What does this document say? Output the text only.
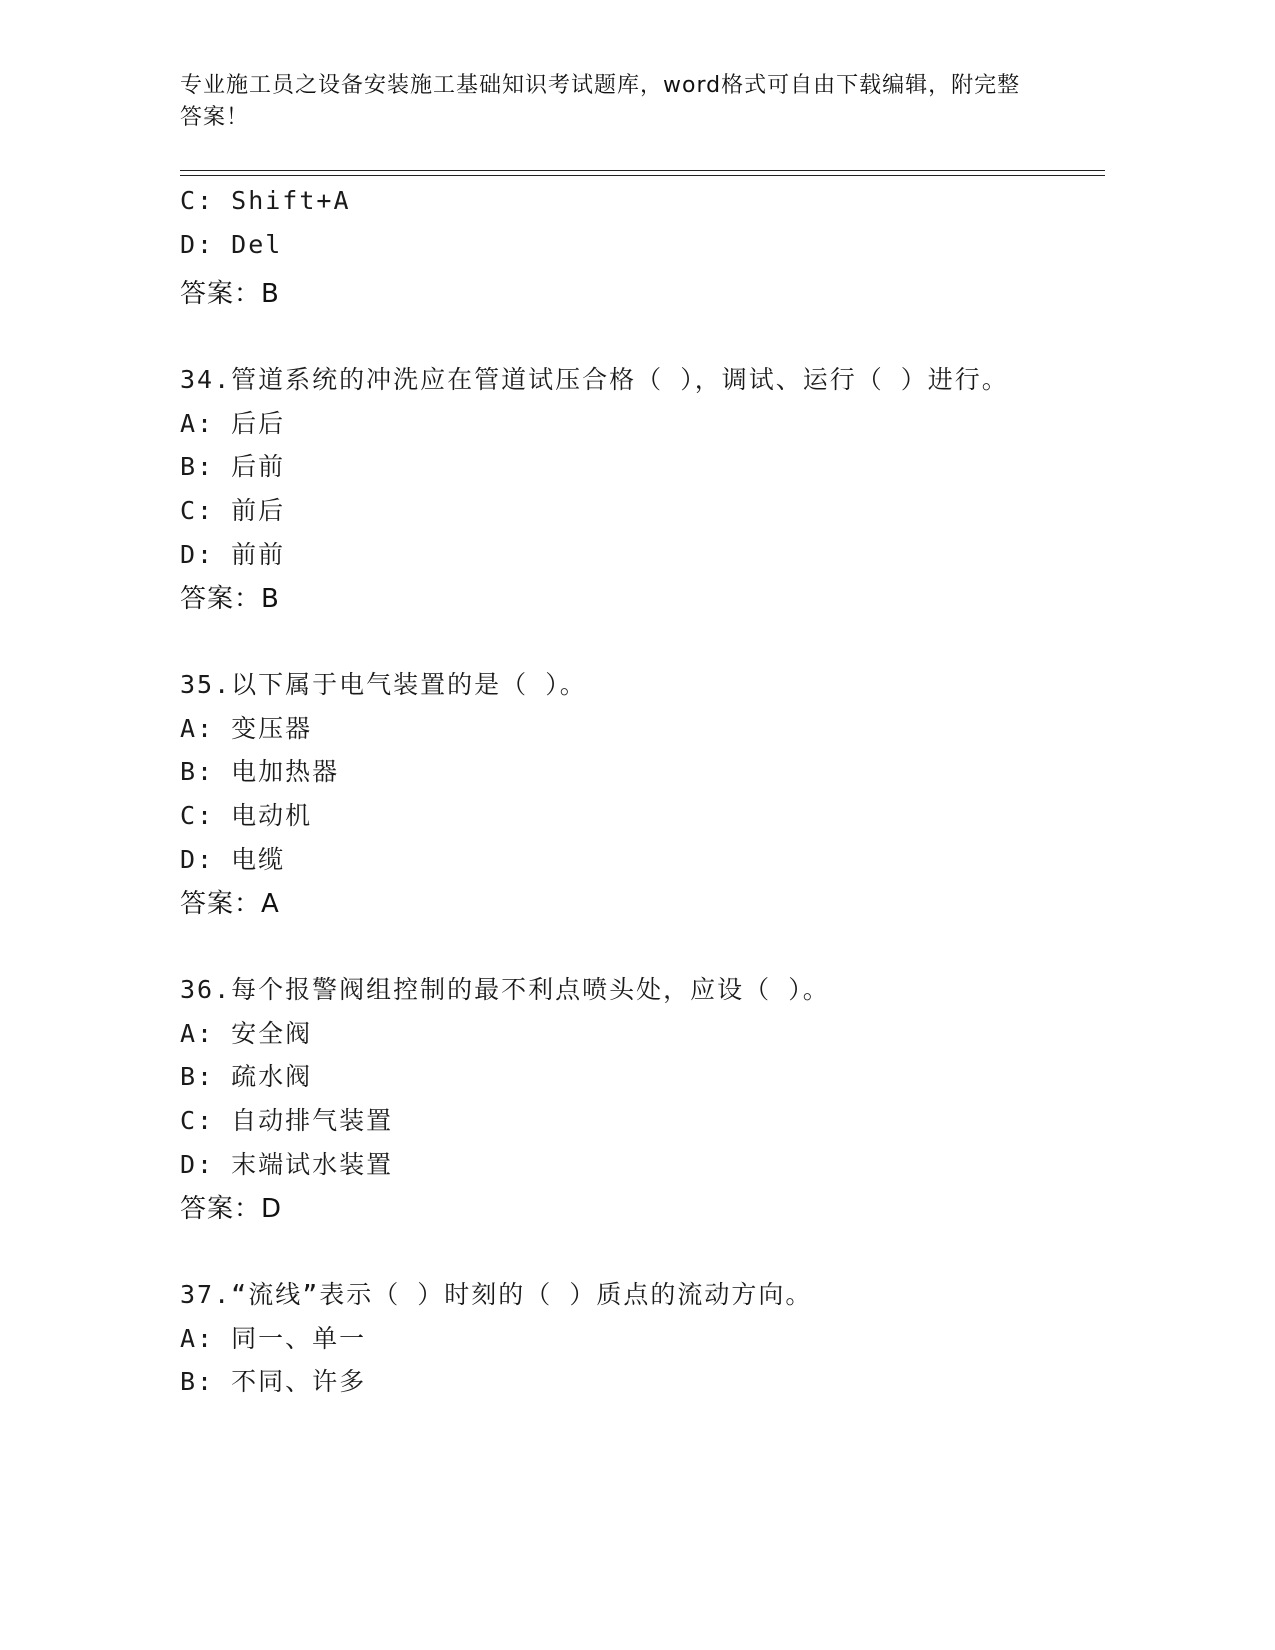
专业施工员之设备安装施工基础知识考试题库，word格式可自由下载编辑，附完整答案！
C: Shift+A
D: Del
答案：B
34.管道系统的冲洗应在管道试压合格（ ），调试、运行（ ）进行。
A: 后后
B: 后前
C: 前后
D: 前前
答案：B
35.以下属于电气装置的是（ ）。
A: 变压器
B: 电加热器
C: 电动机
D: 电缆
答案：A
36.每个报警阀组控制的最不利点喷头处，应设（ ）。
A: 安全阀
B: 疏水阀
C: 自动排气装置
D: 末端试水装置
答案：D
37.“流线”表示（ ）时刻的（ ）质点的流动方向。
A: 同一、单一
B: 不同、许多
